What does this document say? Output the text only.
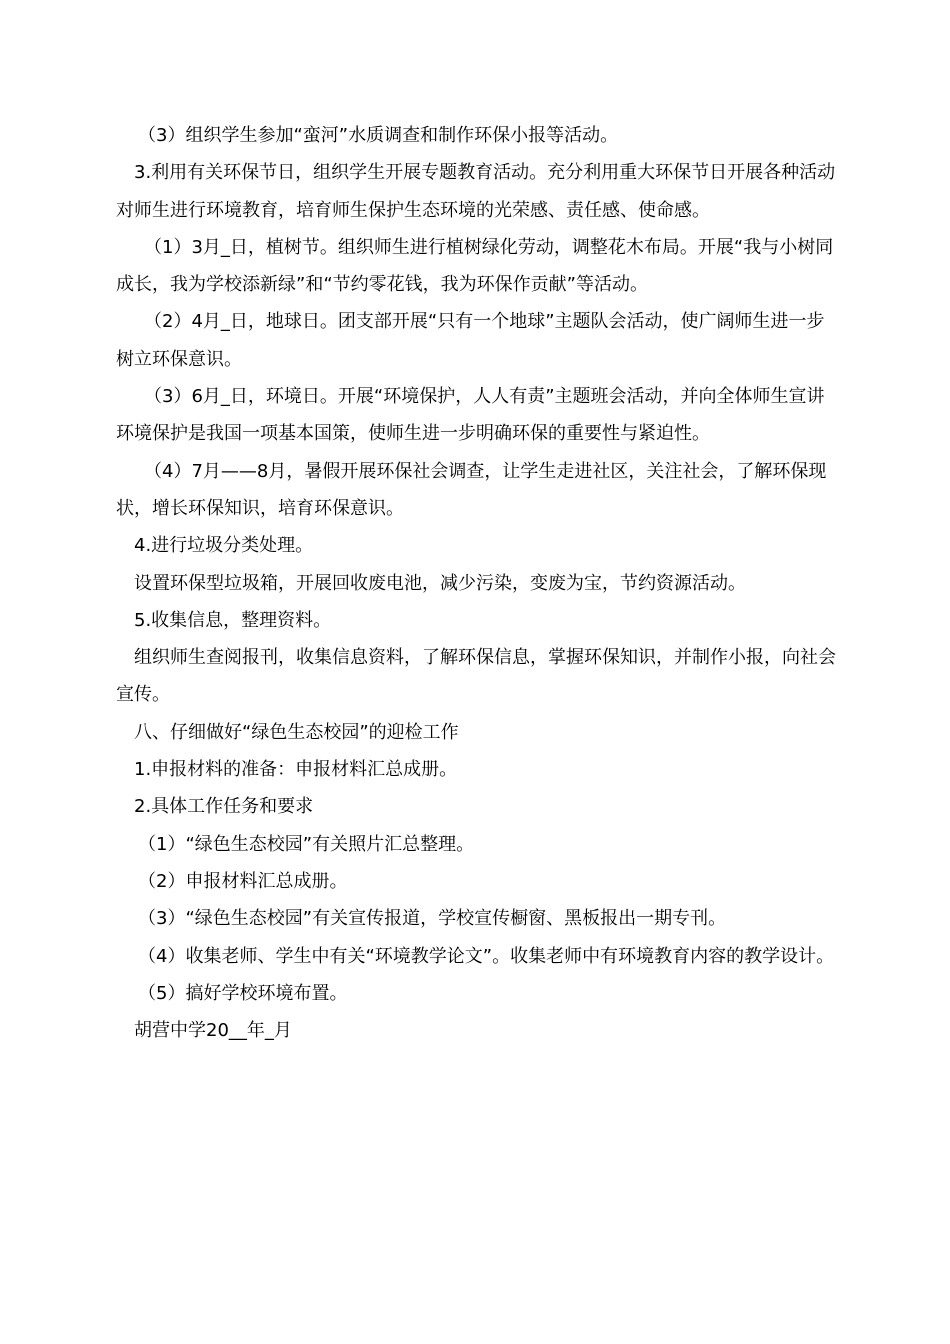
（3）组织学生参加“蛮河”水质调查和制作环保小报等活动。

3.利用有关环保节日，组织学生开展专题教育活动。充分利用重大环保节日开展各种活动对师生进行环境教育，培育师生保护生态环境的光荣感、责任感、使命感。

（1）3月_日，植树节。组织师生进行植树绿化劳动，调整花木布局。开展“我与小树同成长，我为学校添新绿”和“节约零花钱，我为环保作贡献”等活动。

（2）4月_日，地球日。团支部开展“只有一个地球”主题队会活动，使广阔师生进一步树立环保意识。

（3）6月_日，环境日。开展“环境保护，人人有责”主题班会活动，并向全体师生宣讲环境保护是我国一项基本国策，使师生进一步明确环保的重要性与紧迫性。

（4）7月——8月，暑假开展环保社会调查，让学生走进社区，关注社会，了解环保现状，增长环保知识，培育环保意识。

4.进行垃圾分类处理。

设置环保型垃圾箱，开展回收废电池，减少污染，变废为宝，节约资源活动。

5.收集信息，整理资料。

组织师生查阅报刊，收集信息资料，了解环保信息，掌握环保知识，并制作小报，向社会宣传。

八、仔细做好“绿色生态校园”的迎检工作

1.申报材料的准备：申报材料汇总成册。

2.具体工作任务和要求

（1）“绿色生态校园”有关照片汇总整理。

（2）申报材料汇总成册。

（3）“绿色生态校园”有关宣传报道，学校宣传橱窗、黑板报出一期专刊。

（4）收集老师、学生中有关“环境教学论文”。收集老师中有环境教育内容的教学设计。

（5）搞好学校环境布置。

胡营中学20__年_月
